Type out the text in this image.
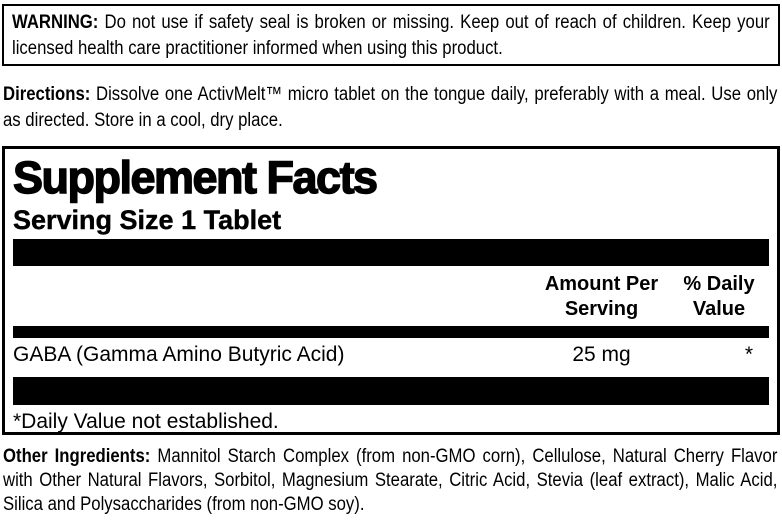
WARNING: Do not use if safety seal is broken or missing. Keep out of reach of children. Keep your licensed health care practitioner informed when using this product.

Directions: Dissolve one ActivMelt™ micro tablet on the tongue daily, preferably with a meal. Use only as directed. Store in a cool, dry place.

Supplement Facts
Serving Size 1 Tablet
Amount Per Serving
% Daily Value
GABA (Gamma Amino Butyric Acid)	25 mg	*
*Daily Value not established.

Other Ingredients: Mannitol Starch Complex (from non-GMO corn), Cellulose, Natural Cherry Flavor with Other Natural Flavors, Sorbitol, Magnesium Stearate, Citric Acid, Stevia (leaf extract), Malic Acid, Silica and Polysaccharides (from non-GMO soy).
